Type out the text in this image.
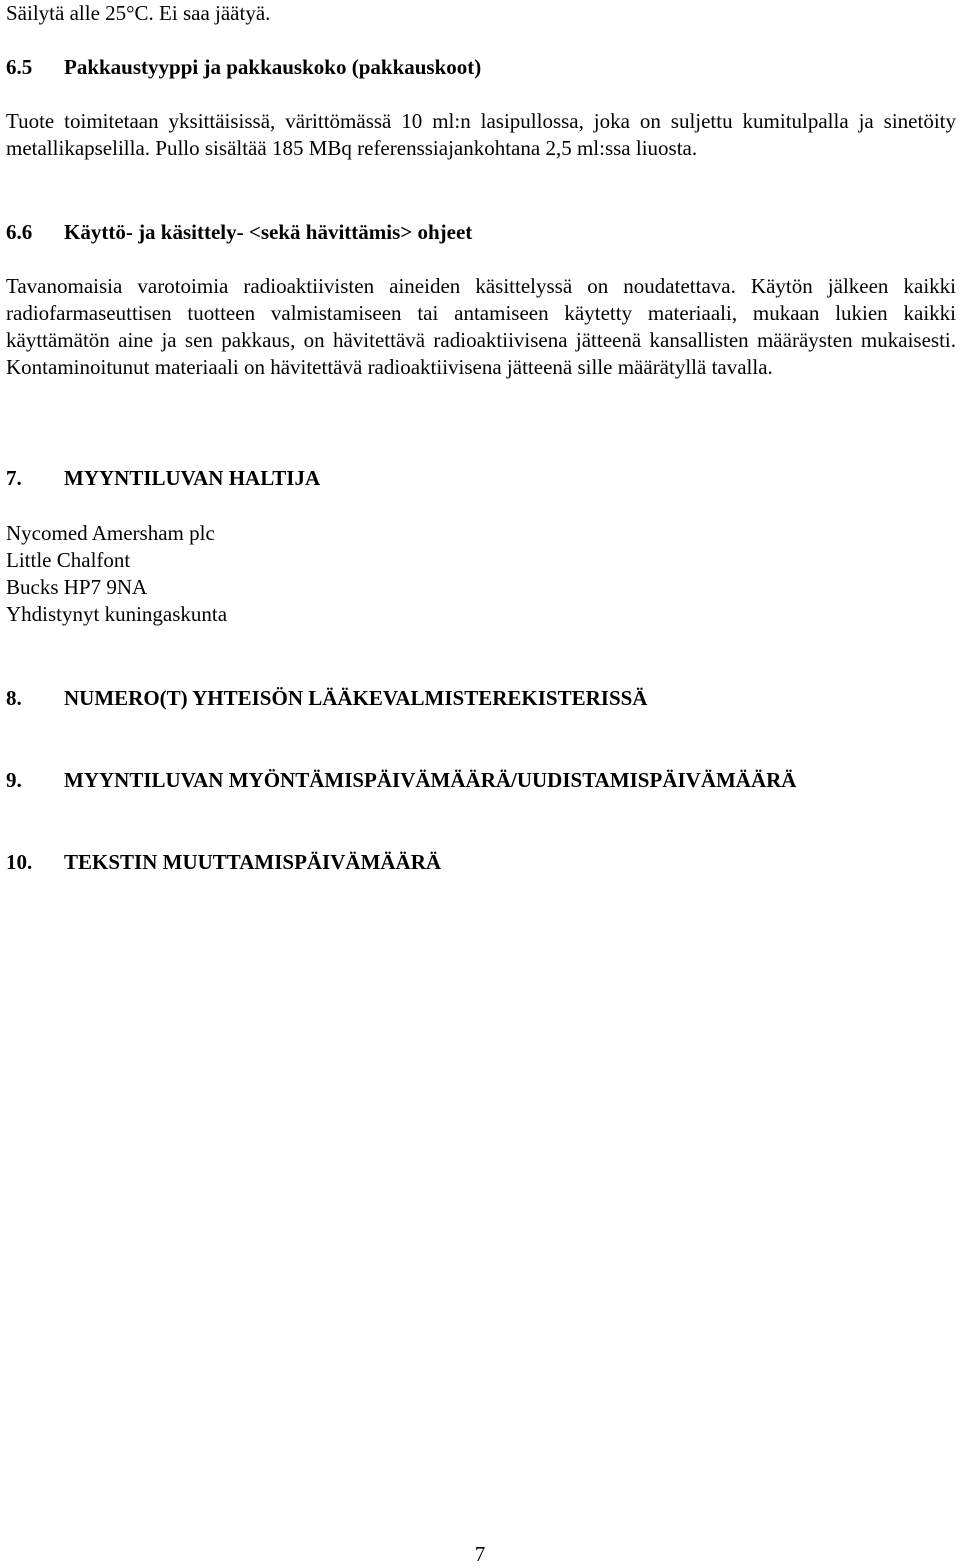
Säilytä alle 25°C. Ei saa jäätyä.
6.5 Pakkaustyyppi ja pakkauskoko (pakkauskoot)
Tuote toimitetaan yksittäisissä, värittömässä 10 ml:n lasipullossa, joka on suljettu kumitulpalla ja sinetöity metallikapselilla. Pullo sisältää 185 MBq referenssiajankohtana 2,5 ml:ssa liuosta.
6.6 Käyttö- ja käsittely- <sekä hävittämis> ohjeet
Tavanomaisia varotoimia radioaktiivisten aineiden käsittelyssä on noudatettava. Käytön jälkeen kaikki radiofarmaseuttisen tuotteen valmistamiseen tai antamiseen käytetty materiaali, mukaan lukien kaikki käyttämätön aine ja sen pakkaus, on hävitettävä radioaktiivisena jätteenä kansallisten määräysten mukaisesti. Kontaminoitunut materiaali on hävitettävä radioaktiivisena jätteenä sille määrätyllä tavalla.
7. MYYNTILUVAN HALTIJA
Nycomed Amersham plc
Little Chalfont
Bucks HP7 9NA
Yhdistynyt kuningaskunta
8. NUMERO(T) YHTEISÖN LÄÄKEVALMISTEREKISTERISSÄ
9. MYYNTILUVAN MYÖNTÄMISPÄIVÄMÄÄRÄ/UUDISTAMISPÄIVÄMÄÄRÄ
10. TEKSTIN MUUTTAMISPÄIVÄMÄÄRÄ
7
